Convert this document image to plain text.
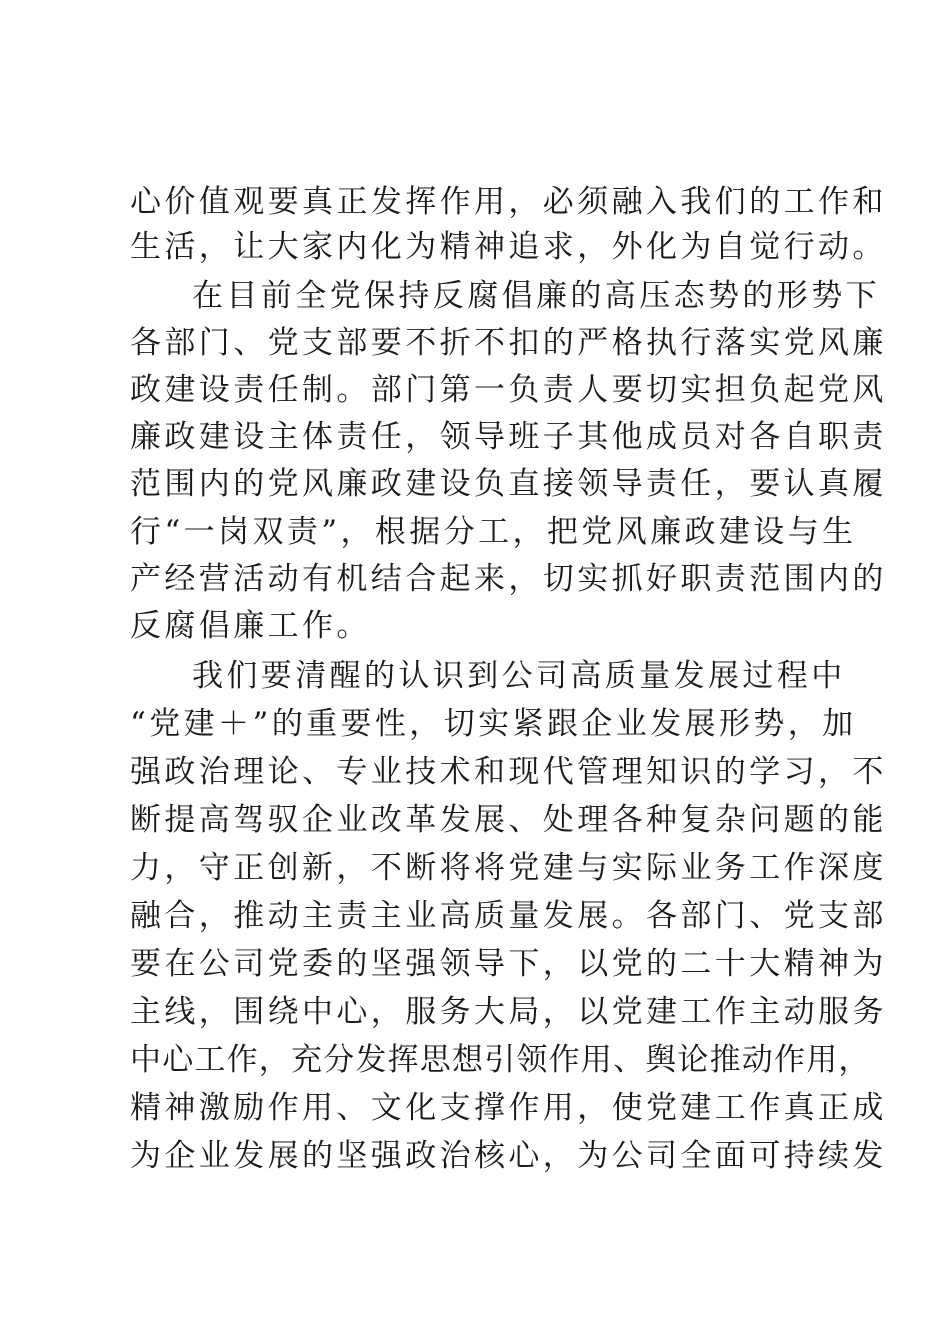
心价值观要真正发挥作用，必须融入我们的工作和
生活，让大家内化为精神追求，外化为自觉行动。
在目前全党保持反腐倡廉的高压态势的形势下
各部门、党支部要不折不扣的严格执行落实党风廉
政建设责任制。部门第一负责人要切实担负起党风
廉政建设主体责任，领导班子其他成员对各自职责
范围内的党风廉政建设负直接领导责任，要认真履
行“一岗双责”，根据分工，把党风廉政建设与生
产经营活动有机结合起来，切实抓好职责范围内的
反腐倡廉工作。
我们要清醒的认识到公司高质量发展过程中
“党建＋”的重要性，切实紧跟企业发展形势，加
强政治理论、专业技术和现代管理知识的学习，不
断提高驾驭企业改革发展、处理各种复杂问题的能
力，守正创新，不断将将党建与实际业务工作深度
融合，推动主责主业高质量发展。各部门、党支部
要在公司党委的坚强领导下，以党的二十大精神为
主线，围绕中心，服务大局，以党建工作主动服务
中心工作，充分发挥思想引领作用、舆论推动作用，
精神激励作用、文化支撑作用，使党建工作真正成
为企业发展的坚强政治核心，为公司全面可持续发
